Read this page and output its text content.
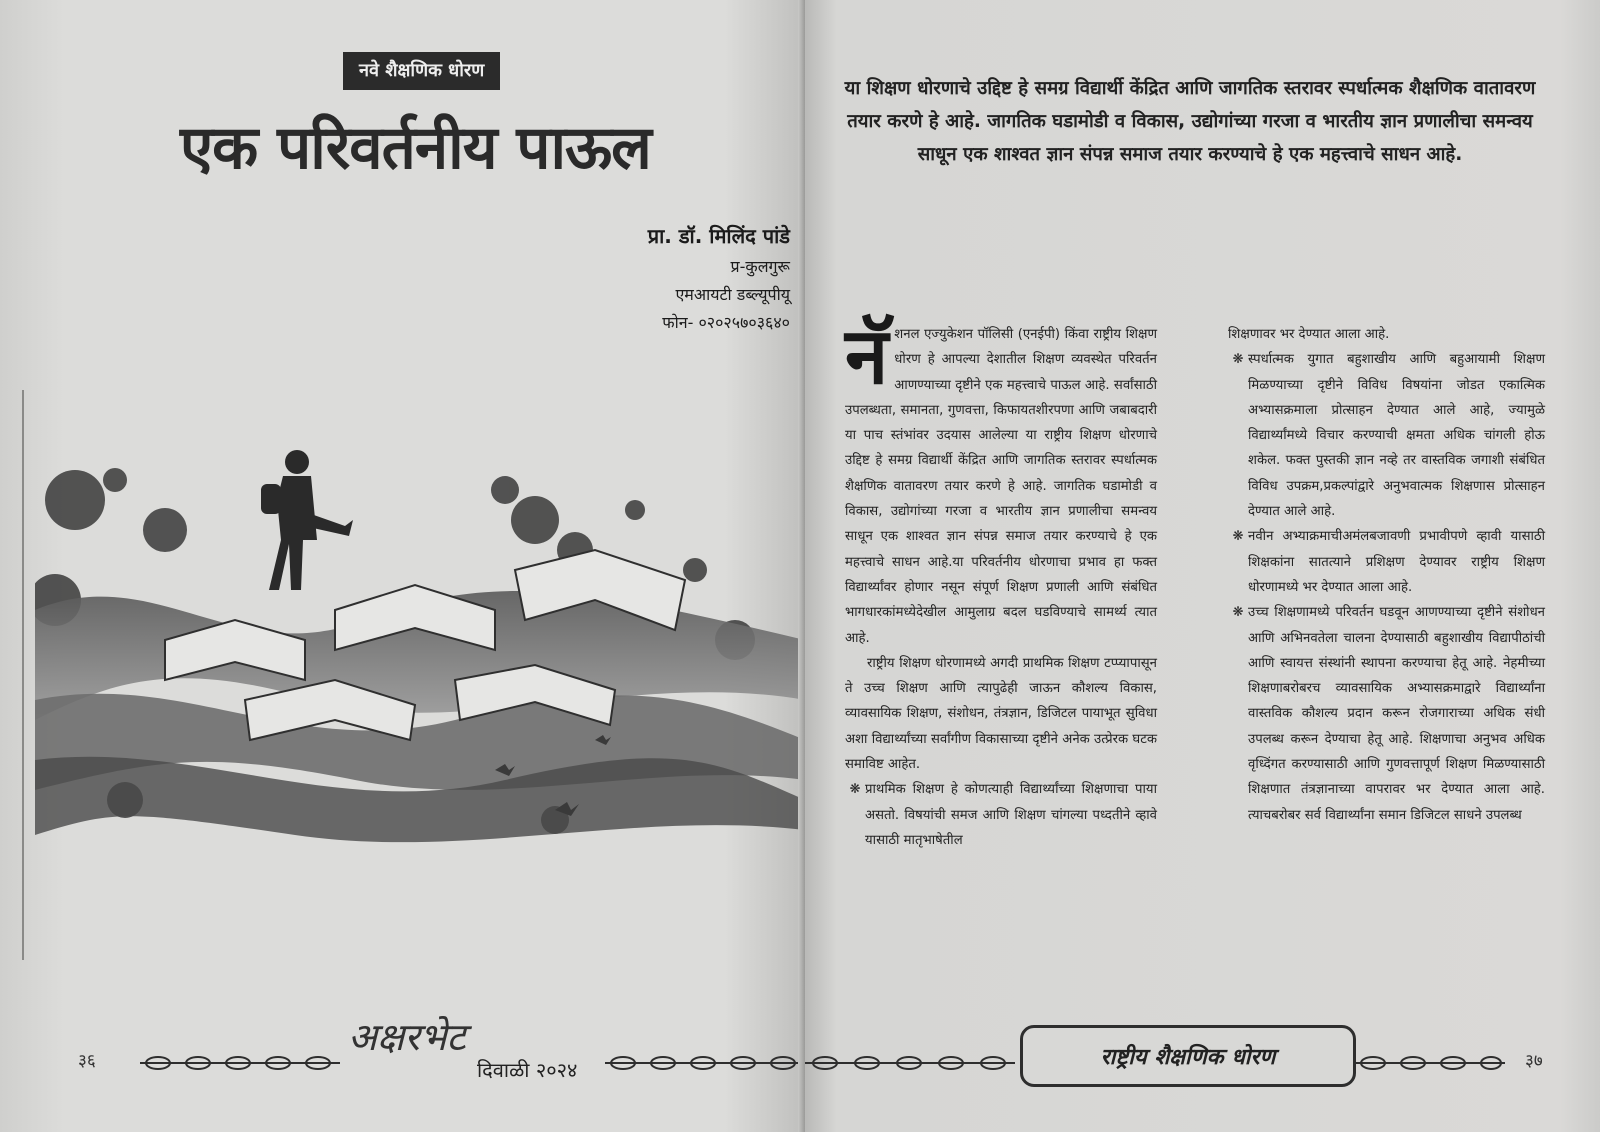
नवे शैक्षणिक धोरण
एक परिवर्तनीय पाऊल
प्रा. डॉ. मिलिंद पांडे
प्र-कुलगुरू
एमआयटी डब्ल्यूपीयू
फोन- ०२०२५७०३६४०
३६
अक्षरभेट
दिवाळी २०२४
या शिक्षण धोरणाचे उद्दिष्ट हे समग्र विद्यार्थी केंद्रित आणि जागतिक स्तरावर स्पर्धात्मक शैक्षणिक वातावरण तयार करणे हे आहे. जागतिक घडामोडी व विकास, उद्योगांच्या गरजा व भारतीय ज्ञान प्रणालीचा समन्वय साधून एक शाश्वत ज्ञान संपन्न समाज तयार करण्याचे हे एक महत्त्वाचे साधन आहे.

नॅ शनल एज्युकेशन पॉलिसी (एनईपी) किंवा राष्ट्रीय शिक्षण धोरण हे आपल्या देशातील शिक्षण व्यवस्थेत परिवर्तन आणण्याच्या दृष्टीने एक महत्त्वाचे पाऊल आहे. सर्वांसाठी उपलब्धता, समानता, गुणवत्ता, किफायतशीरपणा आणि जबाबदारी या पाच स्तंभांवर उदयास आलेल्या या राष्ट्रीय शिक्षण धोरणाचे उद्दिष्ट हे समग्र विद्यार्थी केंद्रित आणि जागतिक स्तरावर स्पर्धात्मक शैक्षणिक वातावरण तयार करणे हे आहे. जागतिक घडामोडी व विकास, उद्योगांच्या गरजा व भारतीय ज्ञान प्रणालीचा समन्वय साधून एक शाश्वत ज्ञान संपन्न समाज तयार करण्याचे हे एक महत्त्वाचे साधन आहे.या परिवर्तनीय धोरणाचा प्रभाव हा फक्त विद्यार्थ्यांवर होणार नसून संपूर्ण शिक्षण प्रणाली आणि संबंधित भागधारकांमध्येदेखील आमुलाग्र बदल घडविण्याचे सामर्थ्य त्यात आहे.

राष्ट्रीय शिक्षण धोरणामध्ये अगदी प्राथमिक शिक्षण टप्प्यापासून ते उच्च शिक्षण आणि त्यापुढेही जाऊन कौशल्य विकास, व्यावसायिक शिक्षण, संशोधन, तंत्रज्ञान, डिजिटल पायाभूत सुविधा अशा विद्यार्थ्यांच्या सर्वांगीण विकासाच्या दृष्टीने अनेक उत्प्रेरक घटक समाविष्ट आहेत.

❋ प्राथमिक शिक्षण हे कोणत्याही विद्यार्थ्यांच्या शिक्षणाचा पाया असतो. विषयांची समज आणि शिक्षण चांगल्या पध्दतीने व्हावे यासाठी मातृभाषेतील

शिक्षणावर भर देण्यात आला आहे.

❋ स्पर्धात्मक युगात बहुशाखीय आणि बहुआयामी शिक्षण मिळण्याच्या दृष्टीने विविध विषयांना जोडत एकात्मिक अभ्यासक्रमाला प्रोत्साहन देण्यात आले आहे, ज्यामुळे विद्यार्थ्यांमध्ये विचार करण्याची क्षमता अधिक चांगली होऊ शकेल. फक्त पुस्तकी ज्ञान नव्हे तर वास्तविक जगाशी संबंधित विविध उपक्रम,प्रकल्पांद्वारे अनुभवात्मक शिक्षणास प्रोत्साहन देण्यात आले आहे.

❋ नवीन अभ्याक्रमाचीअमंलबजावणी प्रभावीपणे व्हावी यासाठी शिक्षकांना सातत्याने प्रशिक्षण देण्यावर राष्ट्रीय शिक्षण धोरणामध्ये भर देण्यात आला आहे.

❋ उच्च शिक्षणामध्ये परिवर्तन घडवून आणण्याच्या दृष्टीने संशोधन आणि अभिनवतेला चालना देण्यासाठी बहुशाखीय विद्यापीठांची आणि स्वायत्त संस्थांनी स्थापना करण्याचा हेतू आहे. नेहमीच्या शिक्षणाबरोबरच व्यावसायिक अभ्यासक्रमाद्वारे विद्यार्थ्यांना वास्तविक कौशल्य प्रदान करून रोजगाराच्या अधिक संधी उपलब्ध करून देण्याचा हेतू आहे. शिक्षणाचा अनुभव अधिक वृध्दिंगत करण्यासाठी आणि गुणवत्तापूर्ण शिक्षण मिळण्यासाठी शिक्षणात तंत्रज्ञानाच्या वापरावर भर देण्यात आला आहे. त्याचबरोबर सर्व विद्यार्थ्यांना समान डिजिटल साधने उपलब्ध

राष्ट्रीय शैक्षणिक धोरण	३७
